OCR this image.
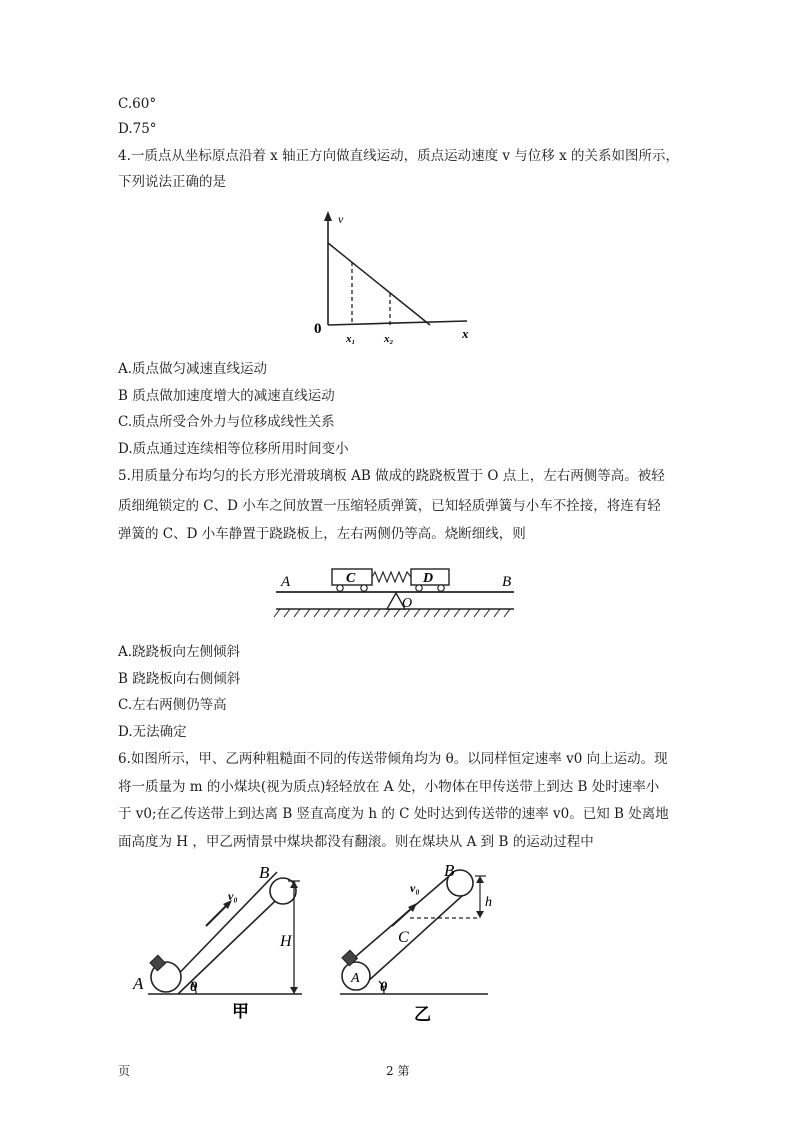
C.60°
D.75°
4.一质点从坐标原点沿着 x 轴正方向做直线运动，质点运动速度 v 与位移 x 的关系如图所示，
下列说法正确的是
v
0
x₁	x₂	x
A.质点做匀减速直线运动
B 质点做加速度增大的减速直线运动
C.质点所受合外力与位移成线性关系
D.质点通过连续相等位移所用时间变小
5.用质量分布均匀的长方形光滑玻璃板 AB 做成的跷跷板置于 O 点上，左右两侧等高。被轻
质细绳锁定的 C、D 小车之间放置一压缩轻质弹簧，已知轻质弹簧与小车不拴接，将连有轻
弹簧的 C、D 小车静置于跷跷板上，左右两侧仍等高。烧断细线，则
A	B
C	D
O
A.跷跷板向左侧倾斜
B 跷跷板向右侧倾斜
C.左右两侧仍等高
D.无法确定
6.如图所示，甲、乙两种粗糙面不同的传送带倾角均为 θ。以同样恒定速率 v0 向上运动。现
将一质量为 m 的小煤块(视为质点)轻轻放在 A 处，小物体在甲传送带上到达 B 处时速率小
于 v0;在乙传送带上到达离 B 竖直高度为 h 的 C 处时达到传送带的速率 v0。已知 B 处离地
面高度为 H ，甲乙两情景中煤块都没有翻滚。则在煤块从 A 到 B 的运动过程中
B
v₀
H
A	θ
甲
B
v₀
h
C
A
θ
乙
页	2 第
